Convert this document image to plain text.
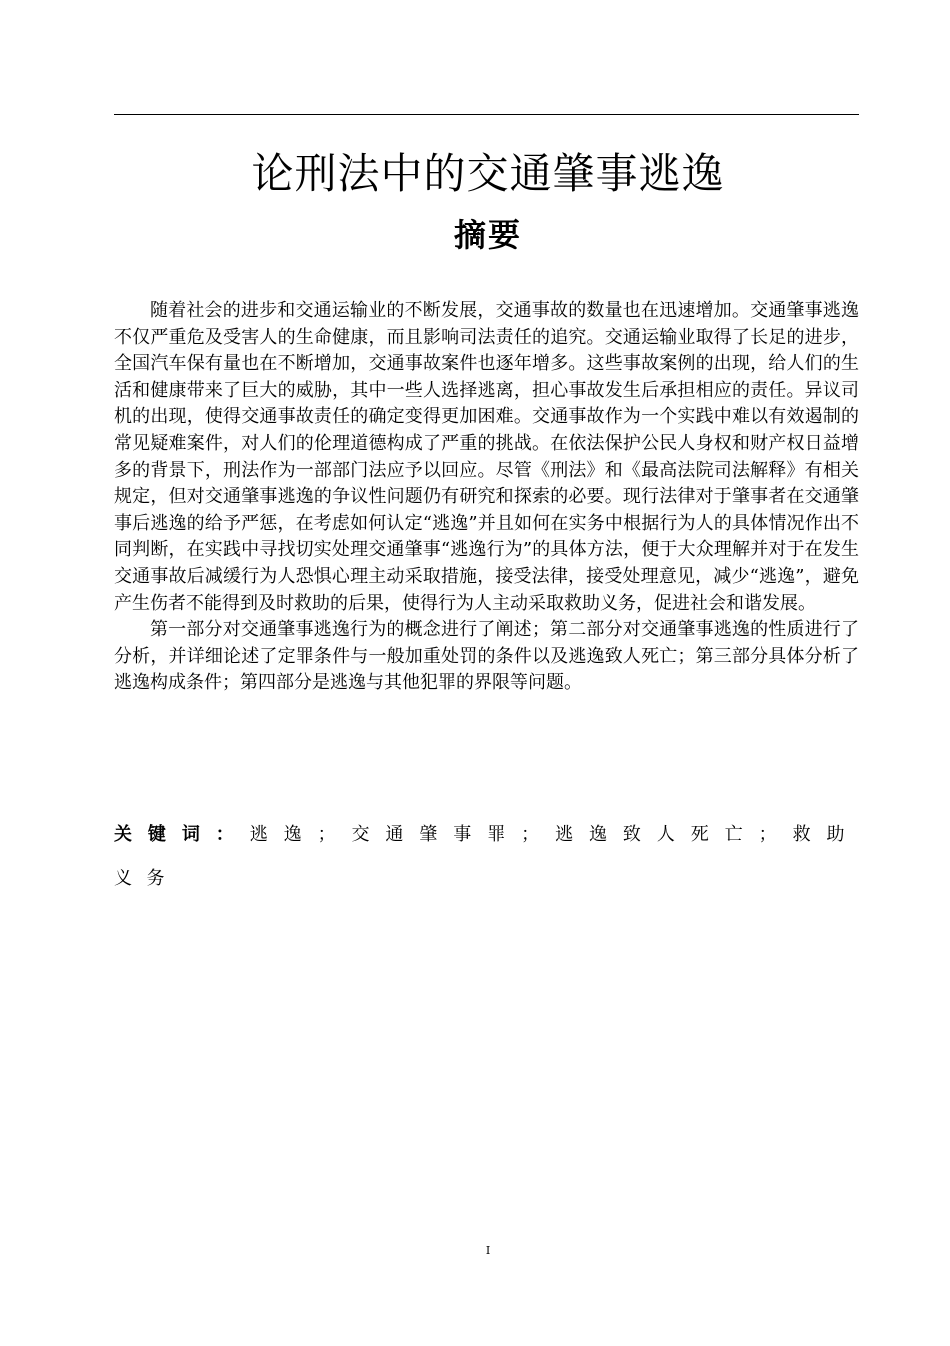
论刑法中的交通肇事逃逸
摘要

随着社会的进步和交通运输业的不断发展，交通事故的数量也在迅速增加。交通肇事逃逸不仅严重危及受害人的生命健康，而且影响司法责任的追究。交通运输业取得了长足的进步，全国汽车保有量也在不断增加，交通事故案件也逐年增多。这些事故案例的出现，给人们的生活和健康带来了巨大的威胁，其中一些人选择逃离，担心事故发生后承担相应的责任。异议司机的出现，使得交通事故责任的确定变得更加困难。交通事故作为一个实践中难以有效遏制的常见疑难案件，对人们的伦理道德构成了严重的挑战。在依法保护公民人身权和财产权日益增多的背景下，刑法作为一部部门法应予以回应。尽管《刑法》和《最高法院司法解释》有相关规定，但对交通肇事逃逸的争议性问题仍有研究和探索的必要。现行法律对于肇事者在交通肇事后逃逸的给予严惩，在考虑如何认定“逃逸”并且如何在实务中根据行为人的具体情况作出不同判断，在实践中寻找切实处理交通肇事“逃逸行为”的具体方法，便于大众理解并对于在发生交通事故后减缓行为人恐惧心理主动采取措施，接受法律，接受处理意见，减少“逃逸”，避免产生伤者不能得到及时救助的后果，使得行为人主动采取救助义务，促进社会和谐发展。

第一部分对交通肇事逃逸行为的概念进行了阐述；第二部分对交通肇事逃逸的性质进行了分析，并详细论述了定罪条件与一般加重处罚的条件以及逃逸致人死亡；第三部分具体分析了逃逸构成条件；第四部分是逃逸与其他犯罪的界限等问题。

关键词：逃逸；交通肇事罪；逃逸致人死亡；救助义务
I
